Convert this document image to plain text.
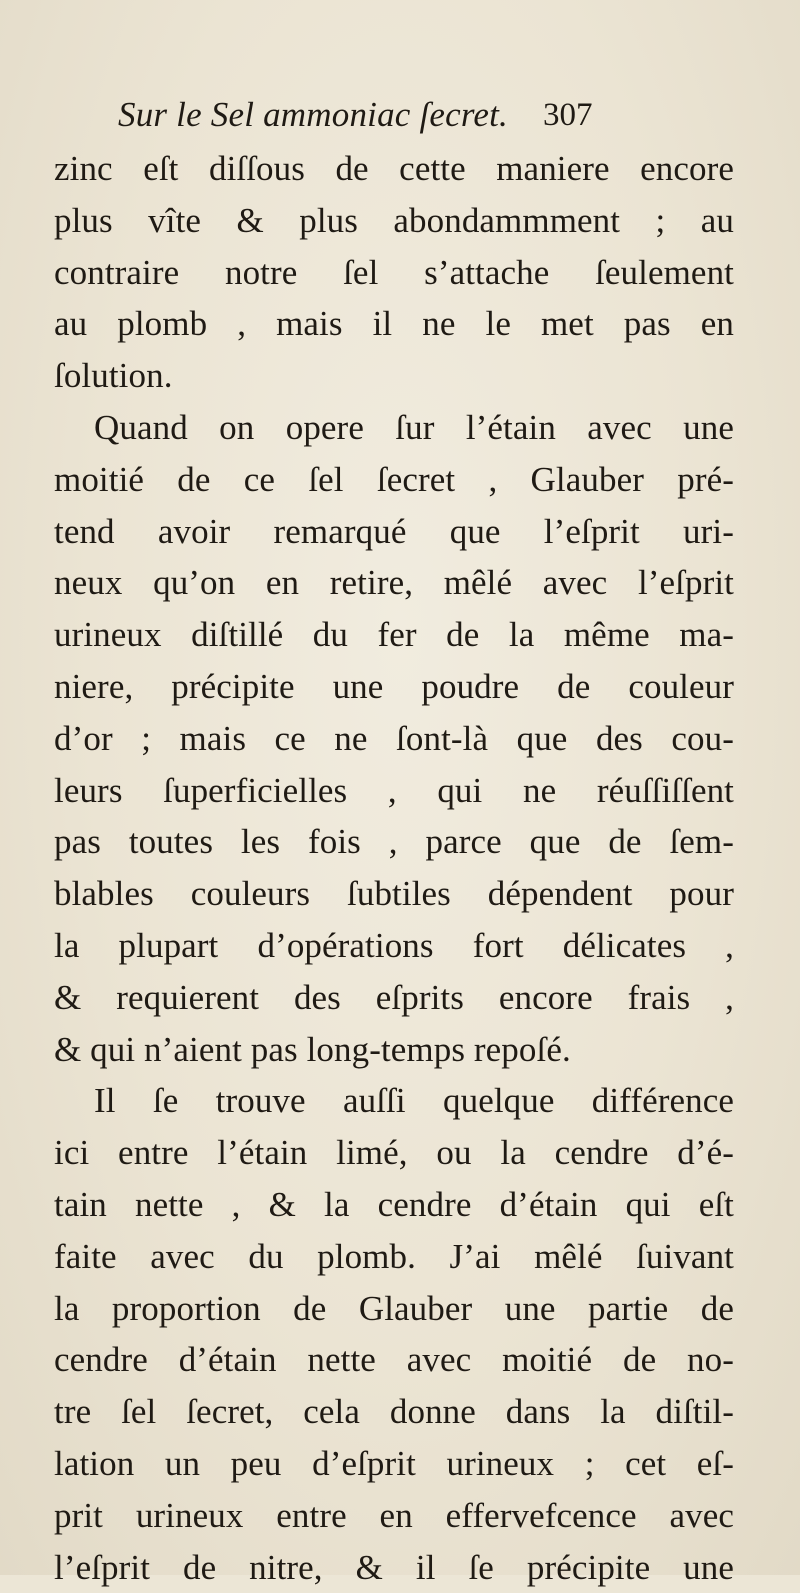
Sur le Sel ammoniac ſecret. 307
zinc eſt diſſous de cette maniere encore
plus vîte & plus abondammment ; au
contraire notre ſel s’attache ſeulement
au plomb , mais il ne le met pas en
ſolution.
Quand on opere ſur l’étain avec une
moitié de ce ſel ſecret , Glauber pré-
tend avoir remarqué que l’eſprit uri-
neux qu’on en retire, mêlé avec l’eſprit
urineux diſtillé du fer de la même ma-
niere, précipite une poudre de couleur
d’or ; mais ce ne ſont-là que des cou-
leurs ſuperficielles , qui ne réuſſiſſent
pas toutes les fois , parce que de ſem-
blables couleurs ſubtiles dépendent pour
la plupart d’opérations fort délicates ,
& requierent des eſprits encore frais ,
& qui n’aient pas long-temps repoſé.
Il ſe trouve auſſi quelque différence
ici entre l’étain limé, ou la cendre d’é-
tain nette , & la cendre d’étain qui eſt
faite avec du plomb. J’ai mêlé ſuivant
la proportion de Glauber une partie de
cendre d’étain nette avec moitié de no-
tre ſel ſecret, cela donne dans la diſtil-
lation un peu d’eſprit urineux ; cet eſ-
prit urineux entre en effervefcence avec
l’eſprit de nitre, & il ſe précipite une
